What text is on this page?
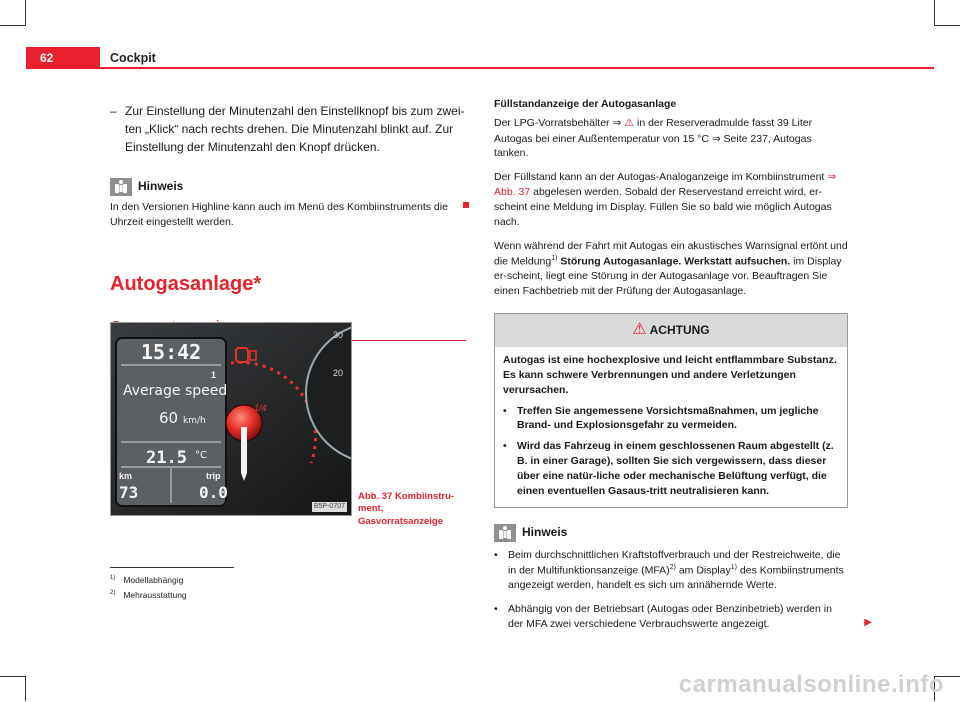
62	Cockpit
– Zur Einstellung der Minutenzahl den Einstellknopf bis zum zwei-ten „Klick“ nach rechts drehen. Die Minutenzahl blinkt auf. Zur Einstellung der Minutenzahl den Knopf drücken.
Hinweis
In den Versionen Highline kann auch im Menü des Kombiinstruments die Uhrzeit eingestellt werden.
Autogasanlage*
1/4
30
20
15:42
1
Average speed
60 km/h
21.5 °C
km	trip
73	0.0
B5P-0707
Abb. 37 Kombiinstru-ment, Gasvorratsanzeige
Füllstandanzeige der Autogasanlage

Der LPG-Vorratsbehälter ⇒ ⚠ in der Reserveradmulde fasst 39 Liter Autogas bei einer Außentemperatur von 15 °C ⇒ Seite 237, Autogas tanken.

Der Füllstand kann an der Autogas-Analoganzeige im Kombiinstrument ⇒ Abb. 37 abgelesen werden. Sobald der Reservestand erreicht wird, er-scheint eine Meldung im Display. Füllen Sie so bald wie möglich Autogas nach.

Wenn während der Fahrt mit Autogas ein akustisches Warnsignal ertönt und die Meldung$^{1)}$ Störung Autogasanlage. Werkstatt aufsuchen. im Display er-scheint, liegt eine Störung in der Autogasanlage vor. Beauftragen Sie einen Fachbetrieb mit der Prüfung der Autogasanlage.

⚠ ACHTUNG

Autogas ist eine hochexplosive und leicht entflammbare Substanz. Es kann schwere Verbrennungen und andere Verletzungen verursachen.

• Treffen Sie angemessene Vorsichtsmaßnahmen, um jegliche Brand- und Explosionsgefahr zu vermeiden.

• Wird das Fahrzeug in einem geschlossenen Raum abgestellt (z. B. in einer Garage), sollten Sie sich vergewissern, dass dieser über eine natür-liche oder mechanische Belüftung verfügt, die einen eventuellen Gasaus-tritt neutralisieren kann.

Hinweis

• Beim durchschnittlichen Kraftstoffverbrauch und der Restreichweite, die in der Multifunktionsanzeige (MFA)$^{2)}$ am Display$^{1)}$ des Kombiinstruments angezeigt werden, handelt es sich um annähernde Werte.

• Abhängig von der Betriebsart (Autogas oder Benzinbetrieb) werden in der MFA zwei verschiedene Verbrauchswerte angezeigt.	▶
$^{1)}$ Modellabhängig
$^{2)}$ Mehrausstattung
carmanualsonline.info
